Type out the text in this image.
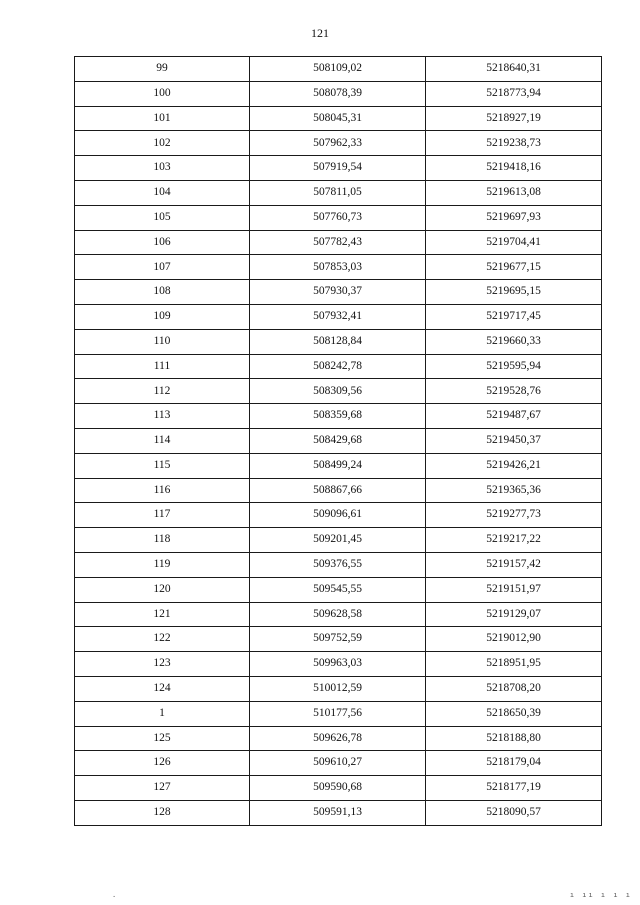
121
99	508109,02	5218640,31
100	508078,39	5218773,94
101	508045,31	5218927,19
102	507962,33	5219238,73
103	507919,54	5219418,16
104	507811,05	5219613,08
105	507760,73	5219697,93
106	507782,43	5219704,41
107	507853,03	5219677,15
108	507930,37	5219695,15
109	507932,41	5219717,45
110	508128,84	5219660,33
111	508242,78	5219595,94
112	508309,56	5219528,76
113	508359,68	5219487,67
114	508429,68	5219450,37
115	508499,24	5219426,21
116	508867,66	5219365,36
117	509096,61	5219277,73
118	509201,45	5219217,22
119	509376,55	5219157,42
120	509545,55	5219151,97
121	509628,58	5219129,07
122	509752,59	5219012,90
123	509963,03	5218951,95
124	510012,59	5218708,20
1	510177,56	5218650,39
125	509626,78	5218188,80
126	509610,27	5218179,04
127	509590,68	5218177,19
128	509591,13	5218090,57
.	ı ıı ı ı ı
